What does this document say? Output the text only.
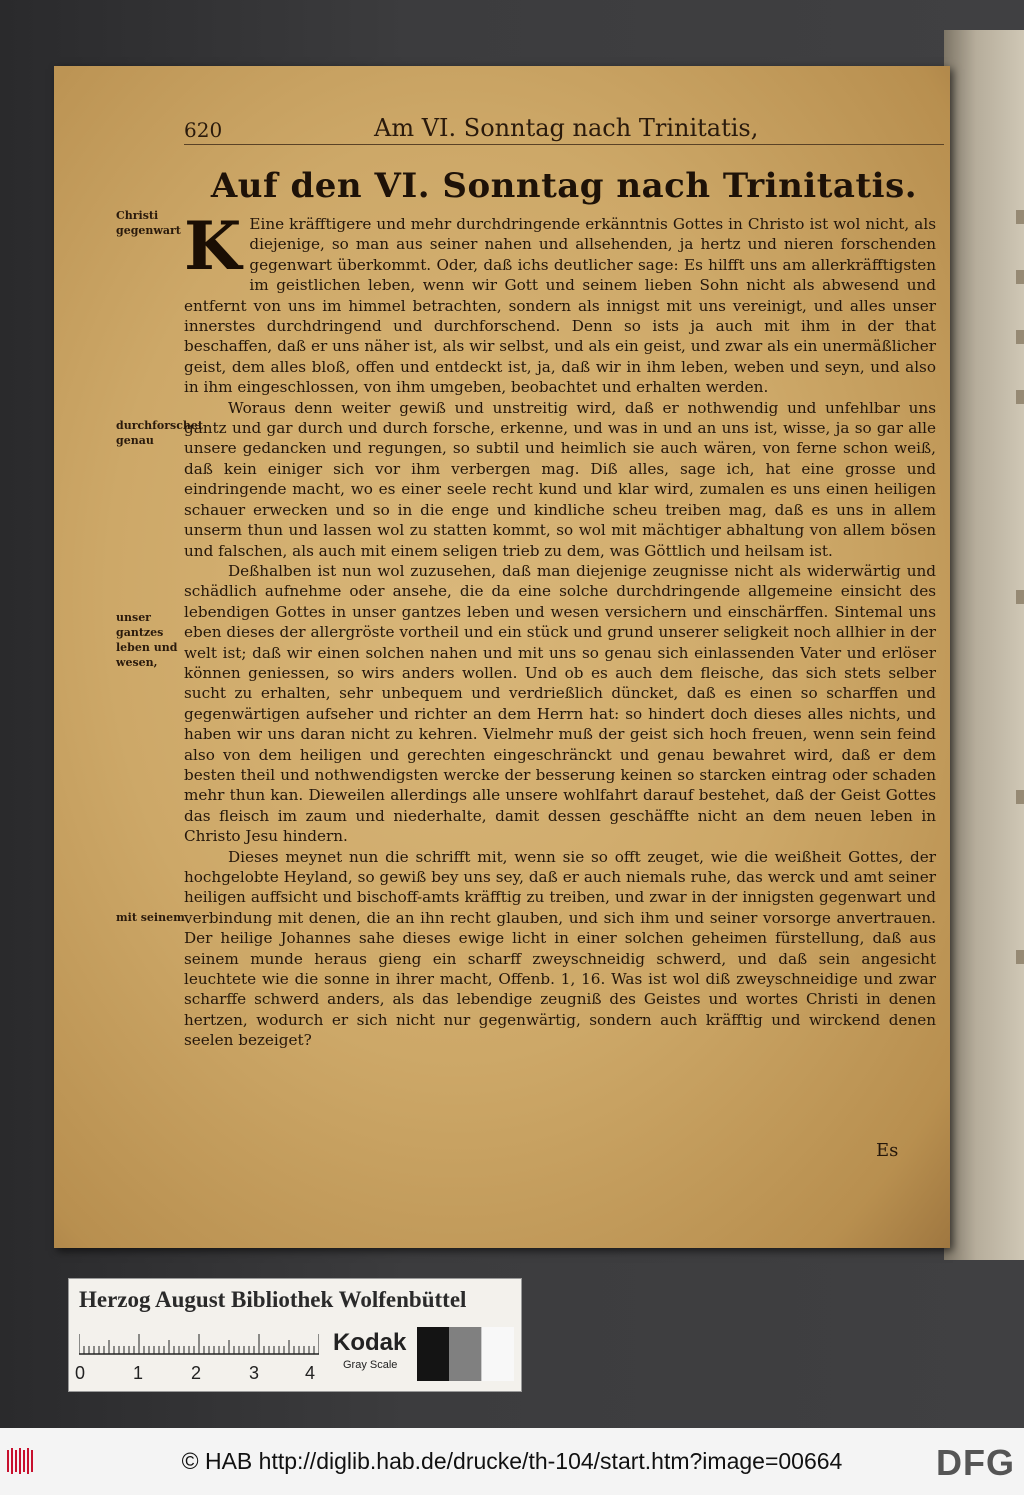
620	Am VI. Sonntag nach Trinitatis,
Auf den VI. Sonntag nach Trinitatis.
Christi gegenwart
durchforschet genau
unser gantzes leben und wesen,
mit seinem

K Eine kräfftigere und mehr durchdringende erkänntnis Gottes in Christo ist wol nicht, als diejenige, so man aus seiner nahen und allsehenden, ja hertz und nieren forschenden gegenwart überkommt. Oder, daß ichs deutlicher sage: Es hilfft uns am allerkräfftigsten im geistlichen leben, wenn wir Gott und seinem lieben Sohn nicht als abwesend und entfernt von uns im himmel betrachten, sondern als innigst mit uns vereinigt, und alles unser innerstes durchdringend und durchforschend. Denn so ists ja auch mit ihm in der that beschaffen, daß er uns näher ist, als wir selbst, und als ein geist, und zwar als ein unermäßlicher geist, dem alles bloß, offen und entdeckt ist, ja, daß wir in ihm leben, weben und seyn, und also in ihm eingeschlossen, von ihm umgeben, beobachtet und erhalten werden.

Woraus denn weiter gewiß und unstreitig wird, daß er nothwendig und unfehlbar uns gantz und gar durch und durch forsche, erkenne, und was in und an uns ist, wisse, ja so gar alle unsere gedancken und regungen, so subtil und heimlich sie auch wären, von ferne schon weiß, daß kein einiger sich vor ihm verbergen mag. Diß alles, sage ich, hat eine grosse und eindringende macht, wo es einer seele recht kund und klar wird, zumalen es uns einen heiligen schauer erwecken und so in die enge und kindliche scheu treiben mag, daß es uns in allem unserm thun und lassen wol zu statten kommt, so wol mit mächtiger abhaltung von allem bösen und falschen, als auch mit einem seligen trieb zu dem, was Göttlich und heilsam ist.

Deßhalben ist nun wol zuzusehen, daß man diejenige zeugnisse nicht als widerwärtig und schädlich aufnehme oder ansehe, die da eine solche durchdringende allgemeine einsicht des lebendigen Gottes in unser gantzes leben und wesen versichern und einschärffen. Sintemal uns eben dieses der allergröste vortheil und ein stück und grund unserer seligkeit noch allhier in der welt ist; daß wir einen solchen nahen und mit uns so genau sich einlassenden Vater und erlöser können geniessen, so wirs anders wollen. Und ob es auch dem fleische, das sich stets selber sucht zu erhalten, sehr unbequem und verdrießlich düncket, daß es einen so scharffen und gegenwärtigen aufseher und richter an dem Herrn hat: so hindert doch dieses alles nichts, und haben wir uns daran nicht zu kehren. Vielmehr muß der geist sich hoch freuen, wenn sein feind also von dem heiligen und gerechten eingeschränckt und genau bewahret wird, daß er dem besten theil und nothwendigsten wercke der besserung keinen so starcken eintrag oder schaden mehr thun kan. Dieweilen allerdings alle unsere wohlfahrt darauf bestehet, daß der Geist Gottes das fleisch im zaum und niederhalte, damit dessen geschäffte nicht an dem neuen leben in Christo Jesu hindern.

Dieses meynet nun die schrifft mit, wenn sie so offt zeuget, wie die weißheit Gottes, der hochgelobte Heyland, so gewiß bey uns sey, daß er auch niemals ruhe, das werck und amt seiner heiligen auffsicht und bischoff-amts kräfftig zu treiben, und zwar in der innigsten gegenwart und verbindung mit denen, die an ihn recht glauben, und sich ihm und seiner vorsorge anvertrauen. Der heilige Johannes sahe dieses ewige licht in einer solchen geheimen fürstellung, daß aus seinem munde heraus gieng ein scharff zweyschneidig schwerd, und daß sein angesicht leuchtete wie die sonne in ihrer macht, Offenb. 1, 16. Was ist wol diß zweyschneidige und zwar scharffe schwerd anders, als das lebendige zeugniß des Geistes und wortes Christi in denen hertzen, wodurch er sich nicht nur gegenwärtig, sondern auch kräfftig und wirckend denen seelen bezeiget?

Es
Herzog August Bibliothek Wolfenbüttel
0	1	2	3	4
Kodak
Gray Scale
© HAB http://diglib.hab.de/drucke/th-104/start.htm?image=00664	DFG
